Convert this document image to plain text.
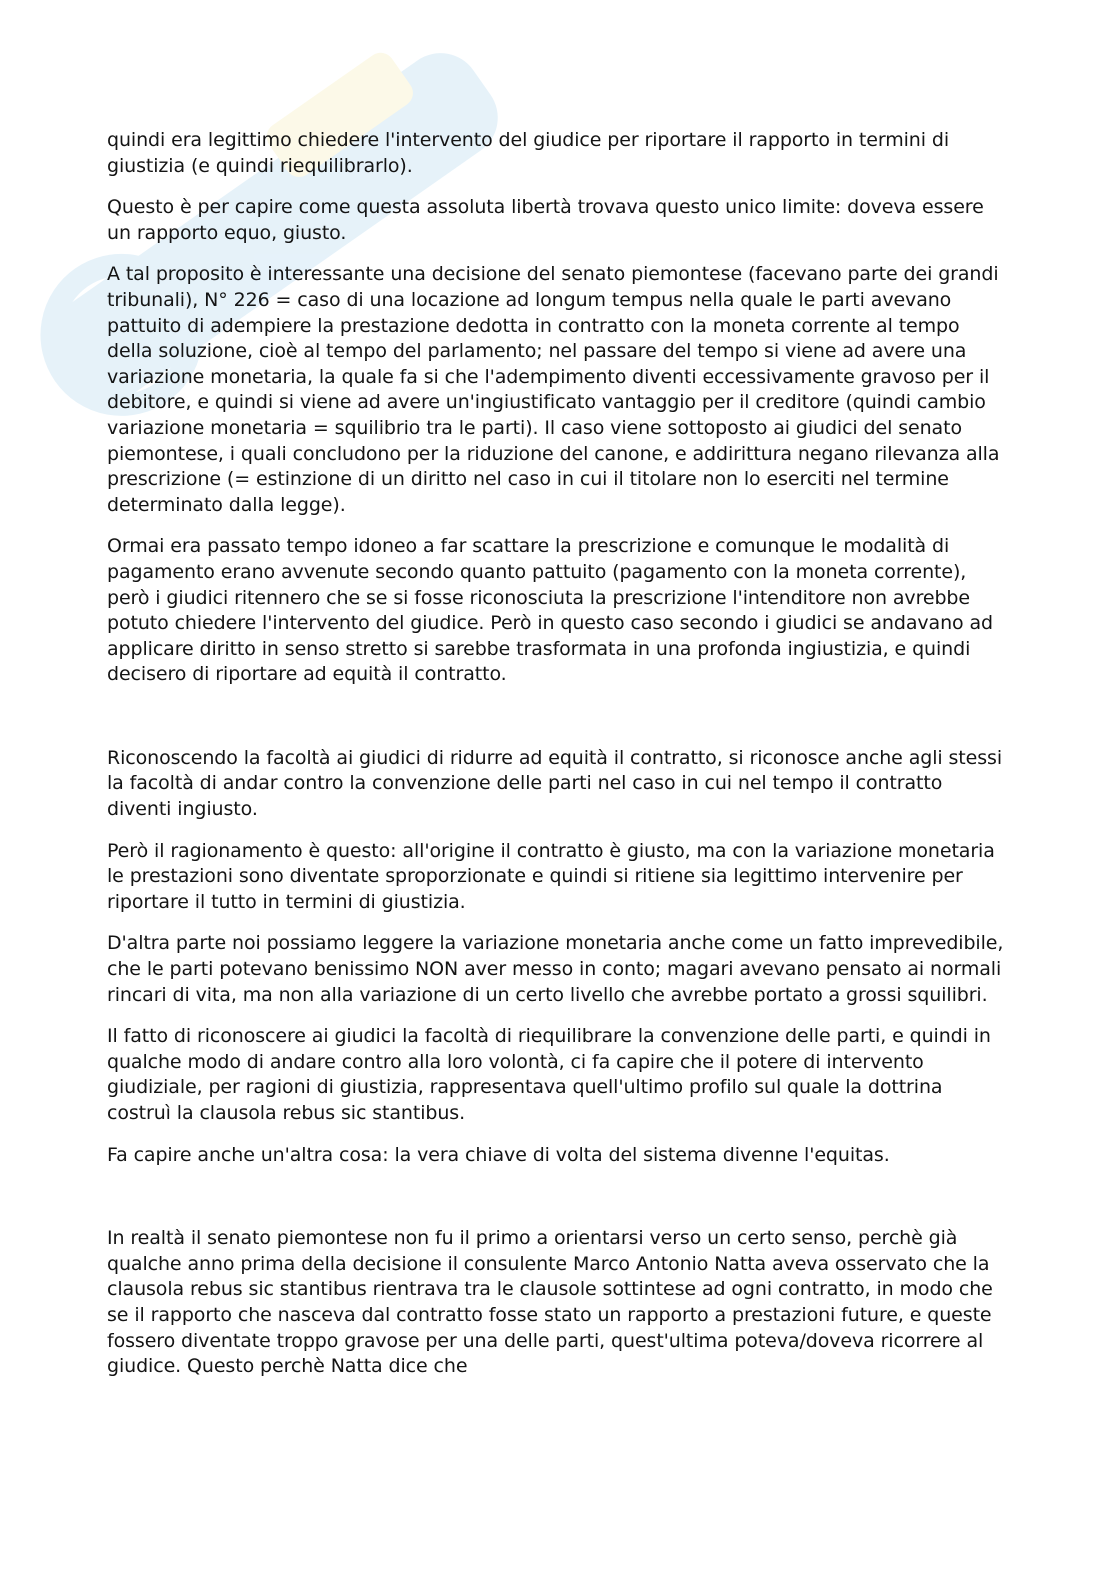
quindi era legittimo chiedere l'intervento del giudice per riportare il rapporto in termini di giustizia (e quindi riequilibrarlo).

Questo è per capire come questa assoluta libertà trovava questo unico limite: doveva essere un rapporto equo, giusto.

A tal proposito è interessante una decisione del senato piemontese (facevano parte dei grandi tribunali), N° 226 = caso di una locazione ad longum tempus nella quale le parti avevano pattuito di adempiere la prestazione dedotta in contratto con la moneta corrente al tempo della soluzione, cioè al tempo del parlamento; nel passare del tempo si viene ad avere una variazione monetaria, la quale fa si che l'adempimento diventi eccessivamente gravoso per il debitore, e quindi si viene ad avere un'ingiustificato vantaggio per il creditore (quindi cambio variazione monetaria = squilibrio tra le parti). Il caso viene sottoposto ai giudici del senato piemontese, i quali concludono per la riduzione del canone, e addirittura negano rilevanza alla prescrizione (= estinzione di un diritto nel caso in cui il titolare non lo eserciti nel termine determinato dalla legge).

Ormai era passato tempo idoneo a far scattare la prescrizione e comunque le modalità di pagamento erano avvenute secondo quanto pattuito (pagamento con la moneta corrente), però i giudici ritennero che se si fosse riconosciuta la prescrizione l'intenditore non avrebbe potuto chiedere l'intervento del giudice. Però in questo caso secondo i giudici se andavano ad applicare diritto in senso stretto si sarebbe trasformata in una profonda ingiustizia, e quindi decisero di riportare ad equità il contratto.

Riconoscendo la facoltà ai giudici di ridurre ad equità il contratto, si riconosce anche agli stessi la facoltà di andar contro la convenzione delle parti nel caso in cui nel tempo il contratto diventi ingiusto.

Però il ragionamento è questo: all'origine il contratto è giusto, ma con la variazione monetaria le prestazioni sono diventate sproporzionate e quindi si ritiene sia legittimo intervenire per riportare il tutto in termini di giustizia.

D'altra parte noi possiamo leggere la variazione monetaria anche come un fatto imprevedibile, che le parti potevano benissimo NON aver messo in conto; magari avevano pensato ai normali rincari di vita, ma non alla variazione di un certo livello che avrebbe portato a grossi squilibri.

Il fatto di riconoscere ai giudici la facoltà di riequilibrare la convenzione delle parti, e quindi in qualche modo di andare contro alla loro volontà, ci fa capire che il potere di intervento giudiziale, per ragioni di giustizia, rappresentava quell'ultimo profilo sul quale la dottrina costruì la clausola rebus sic stantibus.

Fa capire anche un'altra cosa: la vera chiave di volta del sistema divenne l'equitas.

In realtà il senato piemontese non fu il primo a orientarsi verso un certo senso, perchè già qualche anno prima della decisione il consulente Marco Antonio Natta aveva osservato che la clausola rebus sic stantibus rientrava tra le clausole sottintese ad ogni contratto, in modo che se il rapporto che nasceva dal contratto fosse stato un rapporto a prestazioni future, e queste fossero diventate troppo gravose per una delle parti, quest'ultima poteva/doveva ricorrere al giudice. Questo perchè Natta dice che
